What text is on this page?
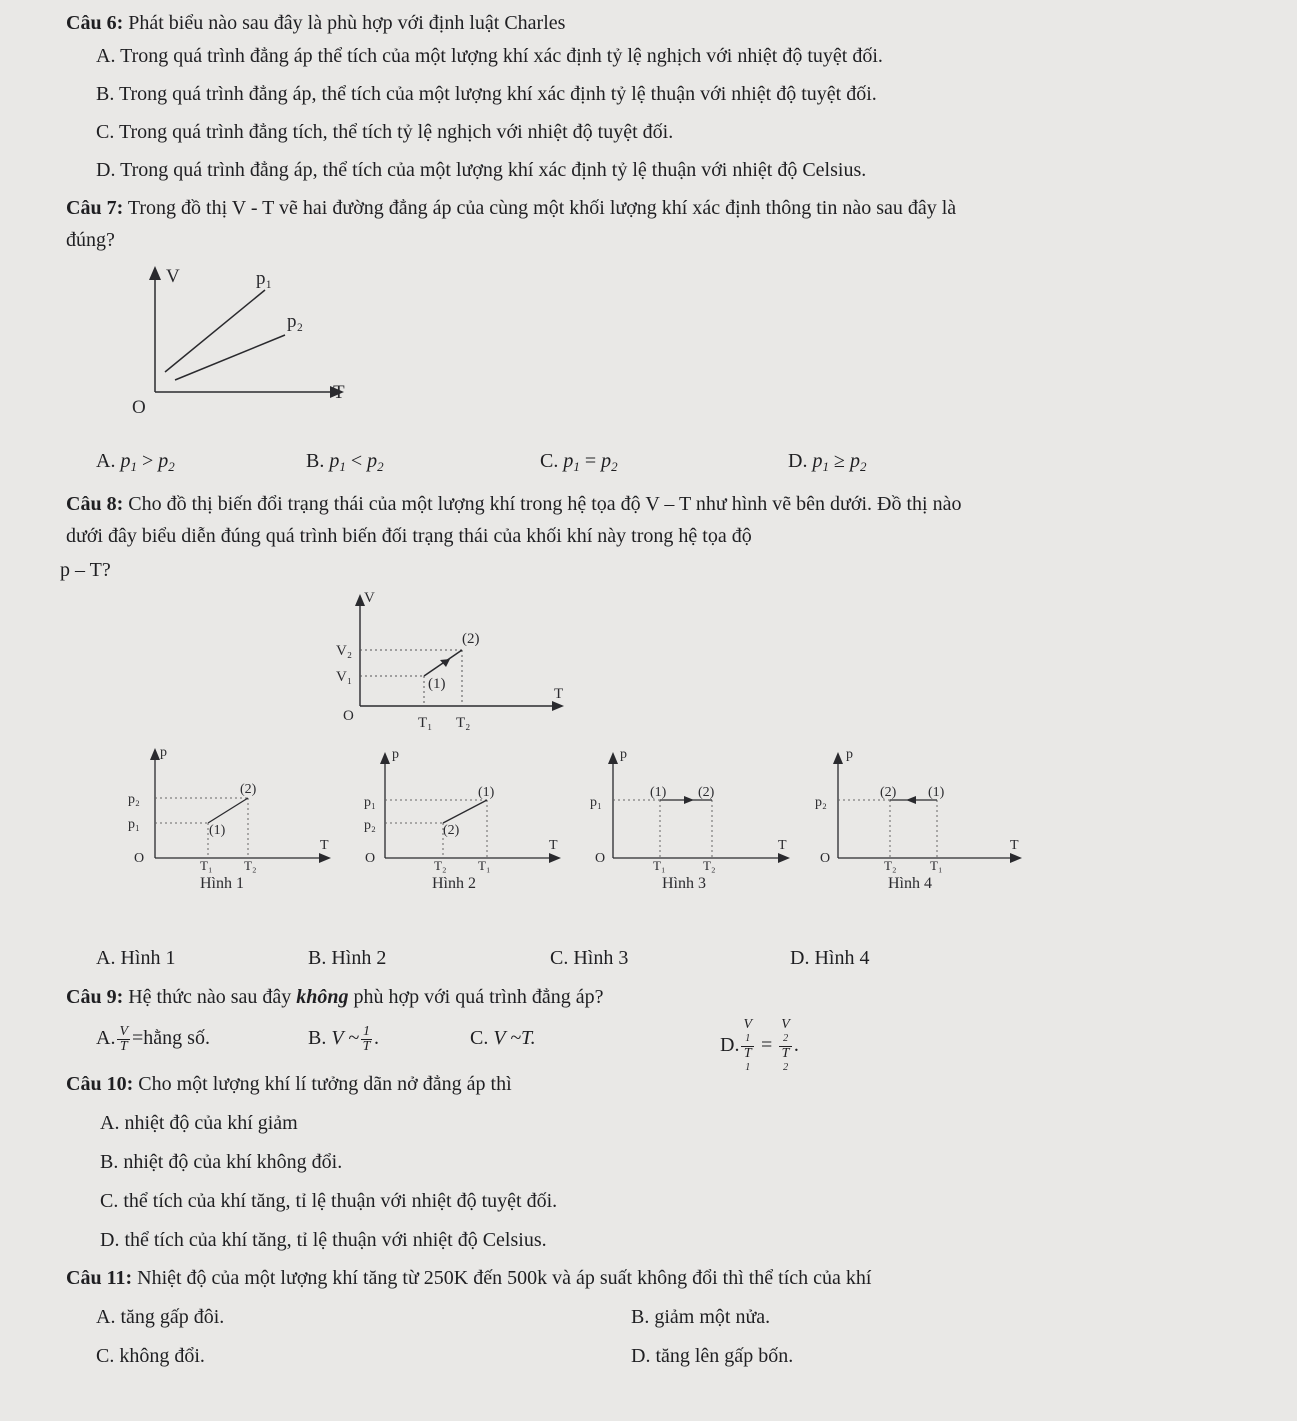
Câu 6: Phát biểu nào sau đây là phù hợp với định luật Charles
A. Trong quá trình đẳng áp thể tích của một lượng khí xác định tỷ lệ nghịch với nhiệt độ tuyệt đối.
B. Trong quá trình đẳng áp, thể tích của một lượng khí xác định tỷ lệ thuận với nhiệt độ tuyệt đối.
C. Trong quá trình đẳng tích, thể tích tỷ lệ nghịch với nhiệt độ tuyệt đối.
D. Trong quá trình đẳng áp, thể tích của một lượng khí xác định tỷ lệ thuận với nhiệt độ Celsius.
Câu 7: Trong đồ thị V - T vẽ hai đường đẳng áp của cùng một khối lượng khí xác định thông tin nào sau đây là
đúng?
V	p₁
p₂
T
O
A. $p_1 > p_2$	B. $p_1 < p_2$	C. $p_1 = p_2$	D. $p_1 \ge p_2$
Câu 8: Cho đồ thị biến đổi trạng thái của một lượng khí trong hệ tọa độ V – T như hình vẽ bên dưới. Đồ thị nào
dưới đây biểu diễn đúng quá trình biến đối trạng thái của khối khí này trong hệ tọa độ
p – T?
V
(2)
V₂
V₁	(1)
T
O	T₁ T₂
p
(2)
p₂
p₁	(1)
T
O	T₁ T₂
Hình 1
p
(1)
p₁
p₂	(2)
T
O	T₂ T₁
Hình 2
p
(1) (2)
p₁
T
O	T₁	T₂
Hình 3
p
(2) (1)
p₂
T
O	T₂	T₁
Hình 4
A. Hình 1	B. Hình 2	C. Hình 3	D. Hình 4
Câu 9: Hệ thức nào sau đây không phù hợp với quá trình đẳng áp?
A. $\frac{V}{T}$ =hằng số.	B. V ~ $\frac{1}{T}$ .	C. V ~T.	D. V
1
T
1 = V
2
T
2 .
Câu 10: Cho một lượng khí lí tưởng dãn nở đẳng áp thì
A. nhiệt độ của khí giảm
B. nhiệt độ của khí không đổi.
C. thể tích của khí tăng, tỉ lệ thuận với nhiệt độ tuyệt đối.
D. thể tích của khí tăng, tỉ lệ thuận với nhiệt độ Celsius.
Câu 11: Nhiệt độ của một lượng khí tăng từ 250K đến 500k và áp suất không đổi thì thể tích của khí
A. tăng gấp đôi.	B. giảm một nửa.
C. không đổi.	D. tăng lên gấp bốn.
